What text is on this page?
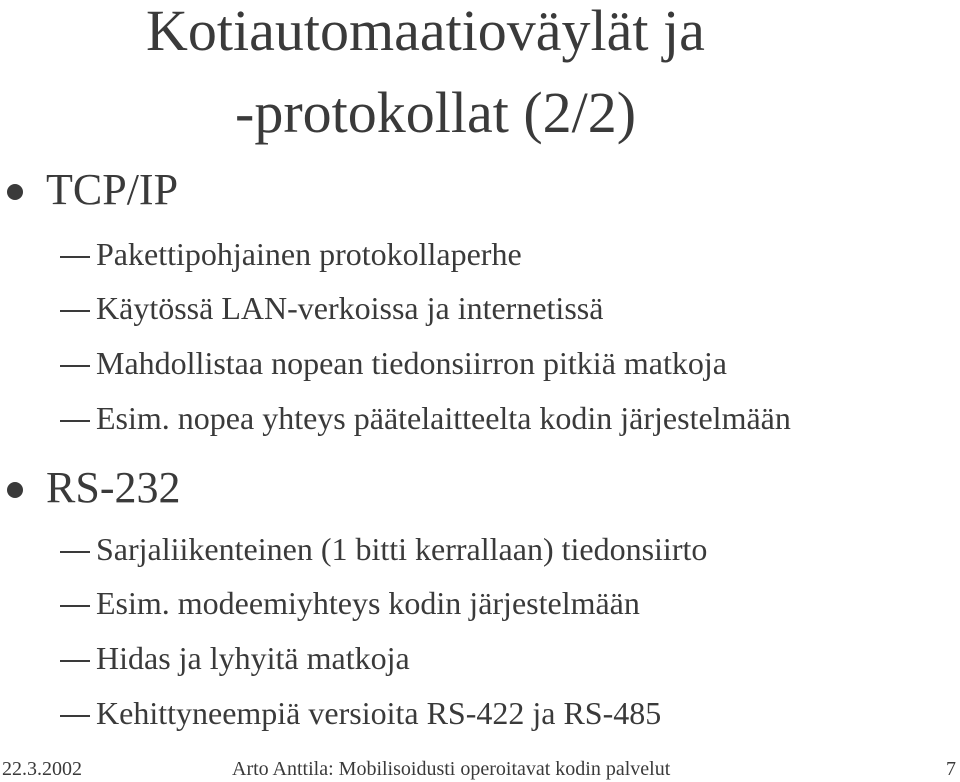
Kotiautomaatioväylät ja
-protokollat (2/2)
TCP/IP
Pakettipohjainen protokollaperhe
Käytössä LAN-verkoissa ja internetissä
Mahdollistaa nopean tiedonsiirron pitkiä matkoja
Esim. nopea yhteys päätelaitteelta kodin järjestelmään
RS-232
Sarjaliikenteinen (1 bitti kerrallaan) tiedonsiirto
Esim. modeemiyhteys kodin järjestelmään
Hidas ja lyhyitä matkoja
Kehittyneempiä versioita RS-422 ja RS-485
22.3.2002	Arto Anttila: Mobilisoidusti operoitavat kodin palvelut	7
